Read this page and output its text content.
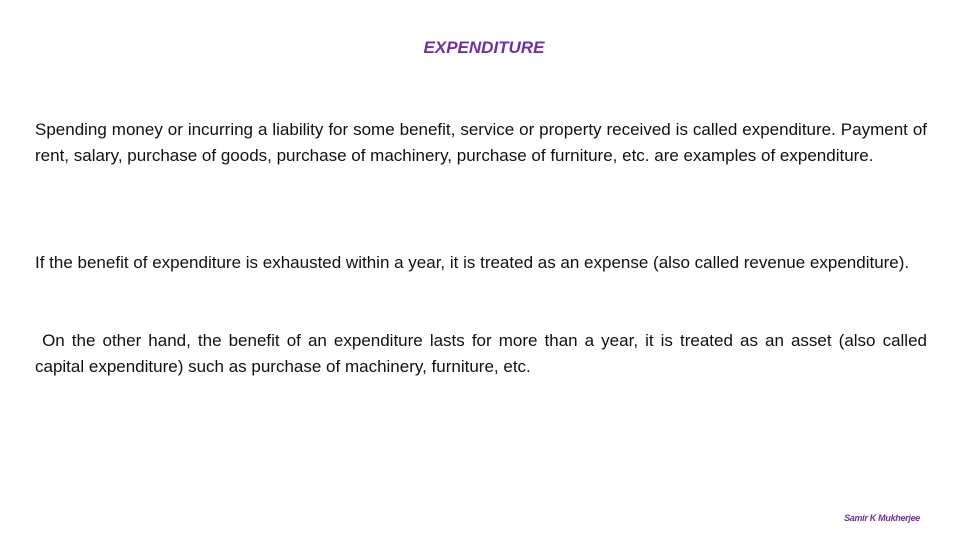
EXPENDITURE

Spending money or incurring a liability for some benefit, service or property received is called expenditure. Payment of rent, salary, purchase of goods, purchase of machinery, purchase of furniture, etc. are examples of expenditure.

If the benefit of expenditure is exhausted within a year, it is treated as an expense (also called revenue expenditure).

On the other hand, the benefit of an expenditure lasts for more than a year, it is treated as an asset (also called capital expenditure) such as purchase of machinery, furniture, etc.

Samir K Mukherjee
